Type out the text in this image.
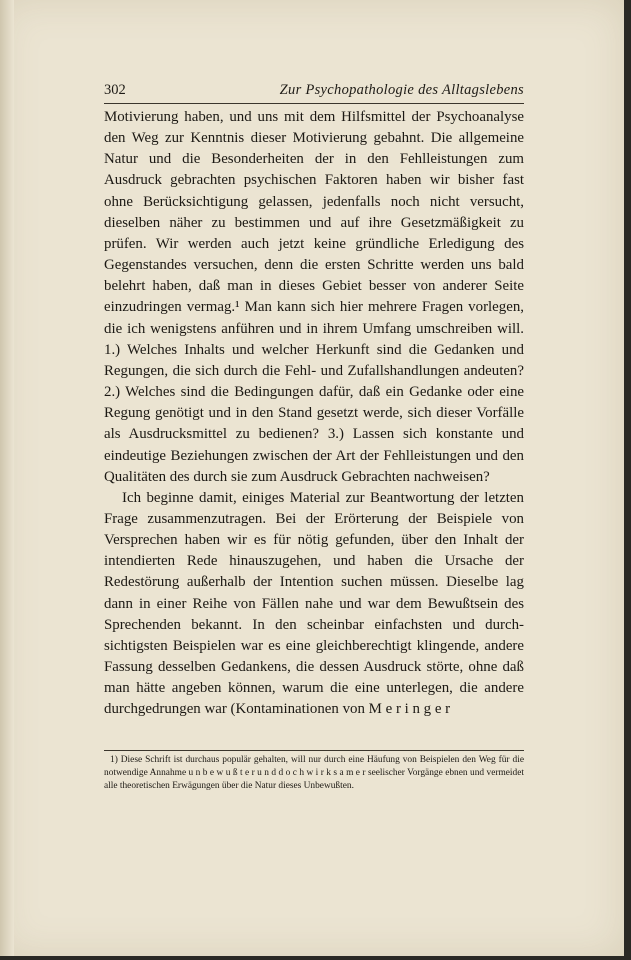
302	Zur Psychopathologie des Alltagslebens

Motivierung haben, und uns mit dem Hilfsmittel der Psychoanalyse den Weg zur Kenntnis dieser Motivierung gebahnt. Die allgemeine Natur und die Besonderheiten der in den Fehlleistungen zum Ausdruck gebrachten psychischen Faktoren haben wir bisher fast ohne Berücksichtigung gelassen, jedenfalls noch nicht versucht, dieselben näher zu bestimmen und auf ihre Gesetzmäßigkeit zu prüfen. Wir werden auch jetzt keine gründliche Erledigung des Gegenstandes versuchen, denn die ersten Schritte werden uns bald belehrt haben, daß man in dieses Gebiet besser von anderer Seite einzudringen vermag.¹ Man kann sich hier mehrere Fragen vorlegen, die ich wenigstens anführen und in ihrem Umfang umschreiben will. 1.) Welches Inhalts und welcher Herkunft sind die Gedanken und Regungen, die sich durch die Fehl- und Zufallshandlungen andeuten? 2.) Welches sind die Bedingungen dafür, daß ein Gedanke oder eine Regung genötigt und in den Stand gesetzt werde, sich dieser Vorfälle als Ausdrucksmittel zu bedienen? 3.) Lassen sich konstante und eindeutige Beziehungen zwischen der Art der Fehlleistungen und den Qualitäten des durch sie zum Ausdruck Gebrachten nachweisen?

Ich beginne damit, einiges Material zur Beantwortung der letzten Frage zusammenzutragen. Bei der Erörterung der Beispiele von Versprechen haben wir es für nötig gefunden, über den Inhalt der intendierten Rede hinauszugehen, und haben die Ursache der Redestörung außerhalb der Intention suchen müssen. Dieselbe lag dann in einer Reihe von Fällen nahe und war dem Bewußtsein des Sprechenden bekannt. In den scheinbar einfachsten und durchsichtigsten Beispielen war es eine gleichberechtigt klingende, andere Fassung desselben Gedankens, die dessen Ausdruck störte, ohne daß man hätte angeben können, warum die eine unterlegen, die andere durchgedrungen war (Kontaminationen von M e r i n g e r

1) Diese Schrift ist durchaus populär gehalten, will nur durch eine Häufung von Beispielen den Weg für die notwendige Annahme u n b e w u ß t e r u n d d o c h w i r k s a m e r seelischer Vorgänge ebnen und vermeidet alle theoretischen Erwägungen über die Natur dieses Unbewußten.
